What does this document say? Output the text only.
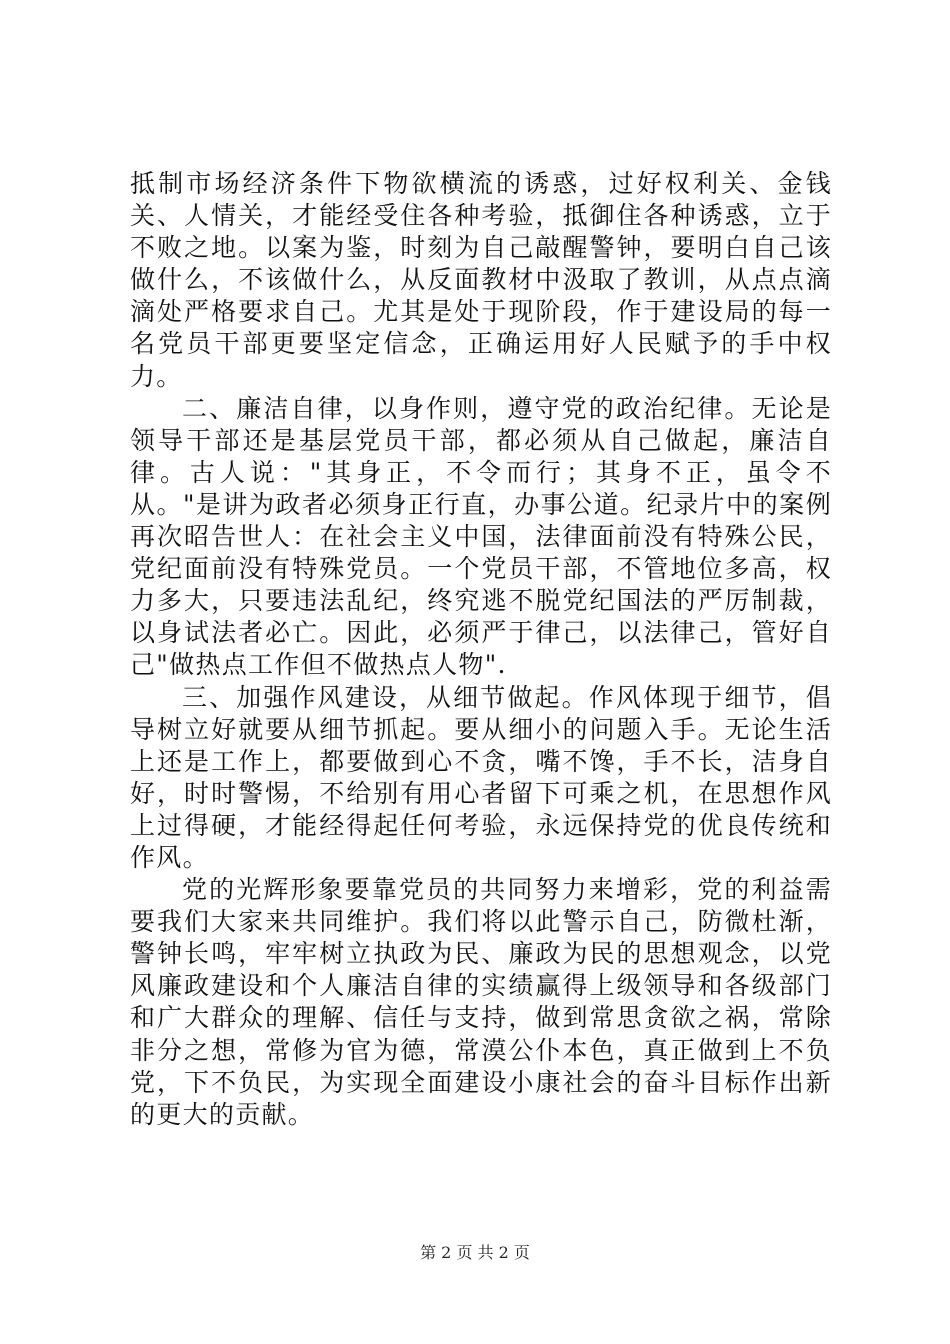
抵制市场经济条件下物欲横流的诱惑，过好权利关、金钱关、人情关，才能经受住各种考验，抵御住各种诱惑，立于不败之地。以案为鉴，时刻为自己敲醒警钟，要明白自己该做什么，不该做什么，从反面教材中汲取了教训，从点点滴滴处严格要求自己。尤其是处于现阶段，作于建设局的每一名党员干部更要坚定信念，正确运用好人民赋予的手中权力。

二、廉洁自律，以身作则，遵守党的政治纪律。无论是领导干部还是基层党员干部，都必须从自己做起，廉洁自律。古人说："其身正，不令而行；其身不正，虽令不从。"是讲为政者必须身正行直，办事公道。纪录片中的案例再次昭告世人：在社会主义中国，法律面前没有特殊公民，党纪面前没有特殊党员。一个党员干部，不管地位多高，权力多大，只要违法乱纪，终究逃不脱党纪国法的严厉制裁，以身试法者必亡。因此，必须严于律己，以法律己，管好自己"做热点工作但不做热点人物".

三、加强作风建设，从细节做起。作风体现于细节，倡导树立好就要从细节抓起。要从细小的问题入手。无论生活上还是工作上，都要做到心不贪，嘴不馋，手不长，洁身自好，时时警惕，不给别有用心者留下可乘之机，在思想作风上过得硬，才能经得起任何考验，永远保持党的优良传统和作风。

党的光辉形象要靠党员的共同努力来增彩，党的利益需要我们大家来共同维护。我们将以此警示自己，防微杜渐，警钟长鸣，牢牢树立执政为民、廉政为民的思想观念，以党风廉政建设和个人廉洁自律的实绩赢得上级领导和各级部门和广大群众的理解、信任与支持，做到常思贪欲之祸，常除非分之想，常修为官为德，常漠公仆本色，真正做到上不负党，下不负民，为实现全面建设小康社会的奋斗目标作出新的更大的贡献。

第 2 页 共 2 页
